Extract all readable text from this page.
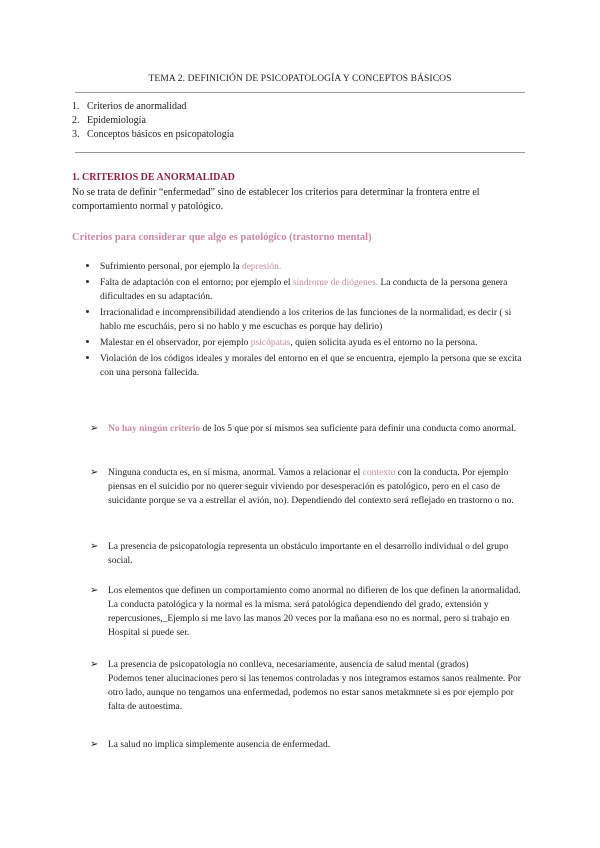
TEMA 2. DEFINICIÓN DE PSICOPATOLOGÍA Y CONCEPTOS BÁSICOS
1. Criterios de anormalidad
2. Epidemiología
3. Conceptos básicos en psicopatología
1. CRITERIOS DE ANORMALIDAD
No se trata de definir “enfermedad” sino de establecer los criterios para determinar la frontera entre el comportamiento normal y patológico.
Criterios para considerar que algo es patológico (trastorno mental)
Sufrimiento personal, por ejemplo la depresión.
Falta de adaptación con el entorno; por ejemplo el síndrome de diógenes. La conducta de la persona genera dificultades en su adaptación.
Irracionalidad e incomprensibilidad atendiendo a los criterios de las funciones de la normalidad, es decir ( si hablo me escucháis, pero si no hablo y me escuchas es porque hay delirio)
Malestar en el observador, por ejemplo psicópatas, quien solicita ayuda es el entorno no la persona.
Violación de los códigos ideales y morales del entorno en el que se encuentra, ejemplo la persona que se excita con una persona fallecida.
➢	No hay ningún criterio de los 5 que por sí mismos sea suficiente para definir una conducta como anormal.
➢	Ninguna conducta es, en sí misma, anormal. Vamos a relacionar el contexto con la conducta. Por ejemplo piensas en el suicidio por no querer seguir viviendo por desesperación es patológico, pero en el caso de suicidante porque se va a estrellar el avión, no). Dependiendo del contexto será reflejado en trastorno o no.
➢	La presencia de psicopatología representa un obstáculo importante en el desarrollo individual o del grupo social.
➢	Los elementos que definen un comportamiento como anormal no difieren de los que definen la anormalidad. La conducta patológica y la normal es la misma. será patológica dependiendo del grado, extensión y repercusiones,_Ejemplo si me lavo las manos 20 veces por la mañana eso no es normal, pero si trabajo en Hospital si puede ser.
➢	La presencia de psicopatología no conlleva, necesariamente, ausencia de salud mental (grados)
Podemos tener alucinaciones pero si las tenemos controladas y nos integramos estamos sanos realmente. Por otro lado, aunque no tengamos una enfermedad, podemos no estar sanos metakmnete si es por ejemplo por falta de autoestima.
➢	La salud no implica simplemente ausencia de enfermedad.
